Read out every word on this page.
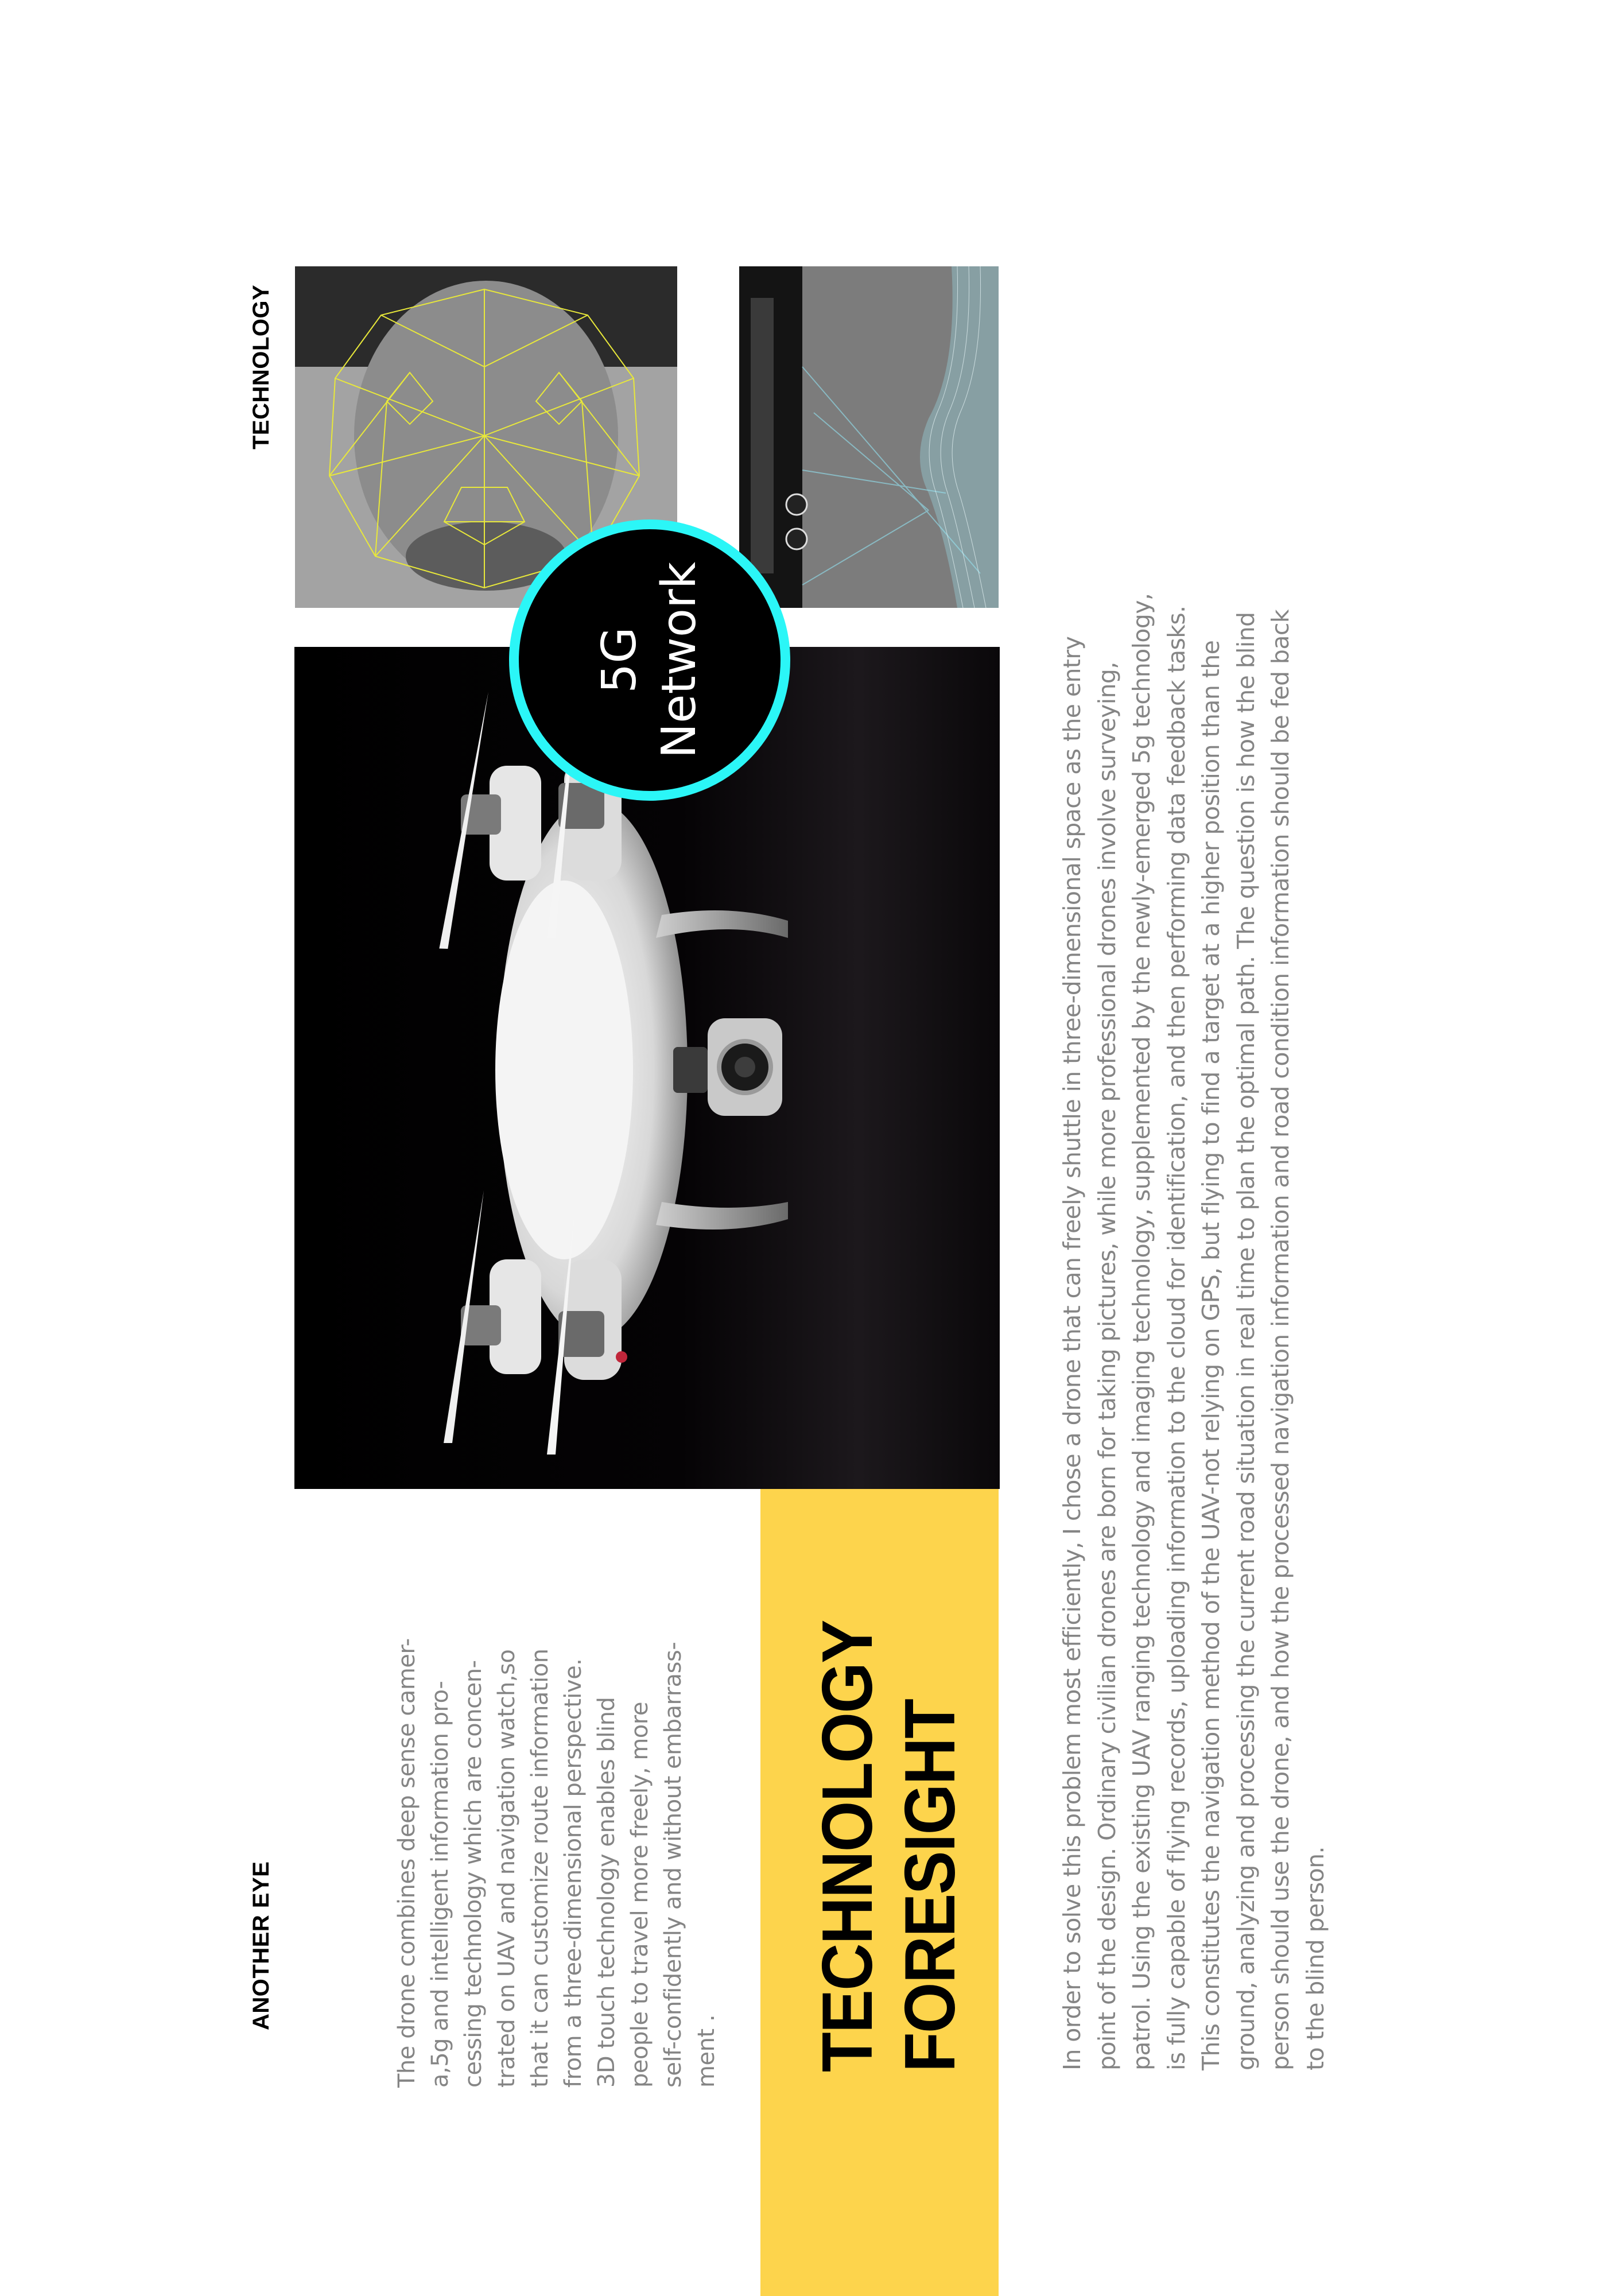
ANOTHER EYE
TECHNOLOGY
The drone combines deep sense camer- a,5g and intelligent information pro- cessing technology which are concen- trated on UAV and navigation watch,so that it can customize route information from a three-dimensional perspective. 3D touch technology enables blind people to travel more freely, more self-confidently and without embarrass- ment . TECHNOLOGY FORESIGHT
5G Network	In order to solve this problem most efficiently, I chose a drone that can freely shuttle in three-dimensional space as the entry point of the design. Ordinary civilian drones are born for taking pictures, while more professional drones involve surveying, patrol. Using the existing UAV ranging technology and imaging technology, supplemented by the newly-emerged 5g technology, is fully capable of flying records, uploading information to the cloud for identification, and then performing data feedback tasks. This constitutes the navigation method of the UAV-not relying on GPS, but flying to find a target at a higher position than the ground, analyzing and processing the current road situation in real time to plan the optimal path. The question is how the blind person should use the drone, and how the processed navigation information and road condition information should be fed back to the blind person.
